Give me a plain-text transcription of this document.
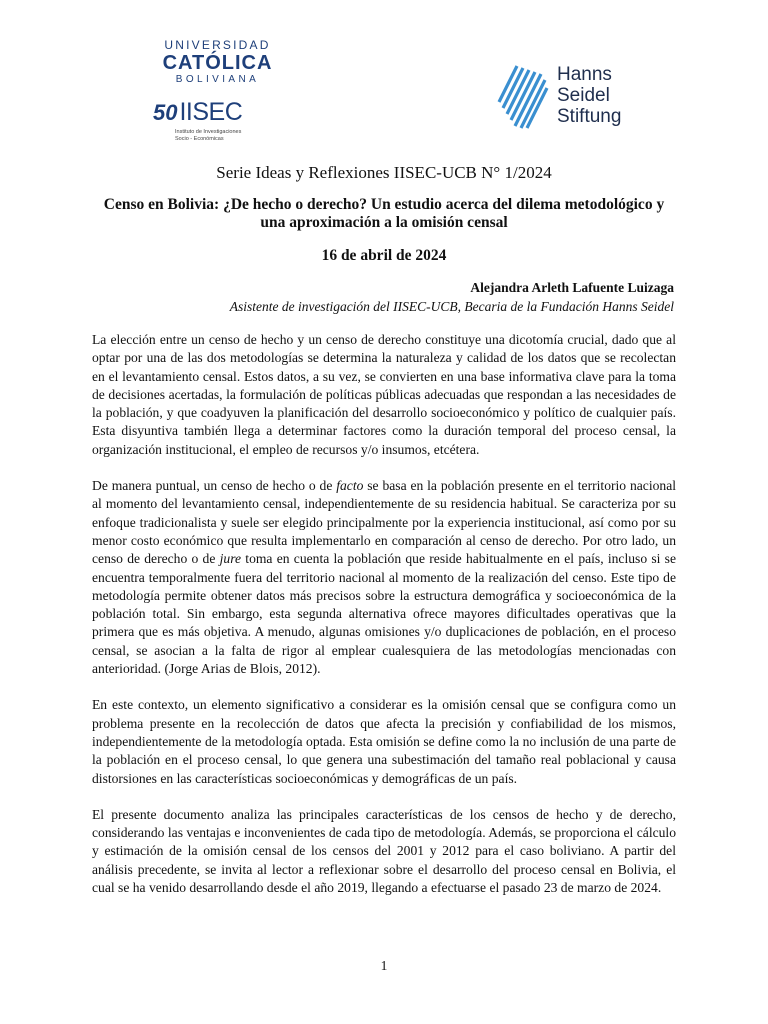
UNIVERSIDAD
CATÓLICA
BOLIVIANA
50 IISEC
Instituto de Investigaciones
Socio - Económicas
Hanns
Seidel
Stiftung
Serie Ideas y Reflexiones IISEC-UCB N° 1/2024
Censo en Bolivia: ¿De hecho o derecho? Un estudio acerca del dilema metodológico y una aproximación a la omisión censal
16 de abril de 2024
Alejandra Arleth Lafuente Luizaga
Asistente de investigación del IISEC-UCB, Becaria de la Fundación Hanns Seidel

La elección entre un censo de hecho y un censo de derecho constituye una dicotomía crucial, dado que al optar por una de las dos metodologías se determina la naturaleza y calidad de los datos que se recolectan en el levantamiento censal. Estos datos, a su vez, se convierten en una base informativa clave para la toma de decisiones acertadas, la formulación de políticas públicas adecuadas que respondan a las necesidades de la población, y que coadyuven la planificación del desarrollo socioeconómico y político de cualquier país. Esta disyuntiva también llega a determinar factores como la duración temporal del proceso censal, la organización institucional, el empleo de recursos y/o insumos, etcétera.

De manera puntual, un censo de hecho o de facto se basa en la población presente en el territorio nacional al momento del levantamiento censal, independientemente de su residencia habitual. Se caracteriza por su enfoque tradicionalista y suele ser elegido principalmente por la experiencia institucional, así como por su menor costo económico que resulta implementarlo en comparación al censo de derecho. Por otro lado, un censo de derecho o de jure toma en cuenta la población que reside habitualmente en el país, incluso si se encuentra temporalmente fuera del territorio nacional al momento de la realización del censo. Este tipo de metodología permite obtener datos más precisos sobre la estructura demográfica y socioeconómica de la población total. Sin embargo, esta segunda alternativa ofrece mayores dificultades operativas que la primera que es más objetiva. A menudo, algunas omisiones y/o duplicaciones de población, en el proceso censal, se asocian a la falta de rigor al emplear cualesquiera de las metodologías mencionadas con anterioridad. (Jorge Arias de Blois, 2012).

En este contexto, un elemento significativo a considerar es la omisión censal que se configura como un problema presente en la recolección de datos que afecta la precisión y confiabilidad de los mismos, independientemente de la metodología optada. Esta omisión se define como la no inclusión de una parte de la población en el proceso censal, lo que genera una subestimación del tamaño real poblacional y causa distorsiones en las características socioeconómicas y demográficas de un país.

El presente documento analiza las principales características de los censos de hecho y de derecho, considerando las ventajas e inconvenientes de cada tipo de metodología. Además, se proporciona el cálculo y estimación de la omisión censal de los censos del 2001 y 2012 para el caso boliviano. A partir del análisis precedente, se invita al lector a reflexionar sobre el desarrollo del proceso censal en Bolivia, el cual se ha venido desarrollando desde el año 2019, llegando a efectuarse el pasado 23 de marzo de 2024.

1
